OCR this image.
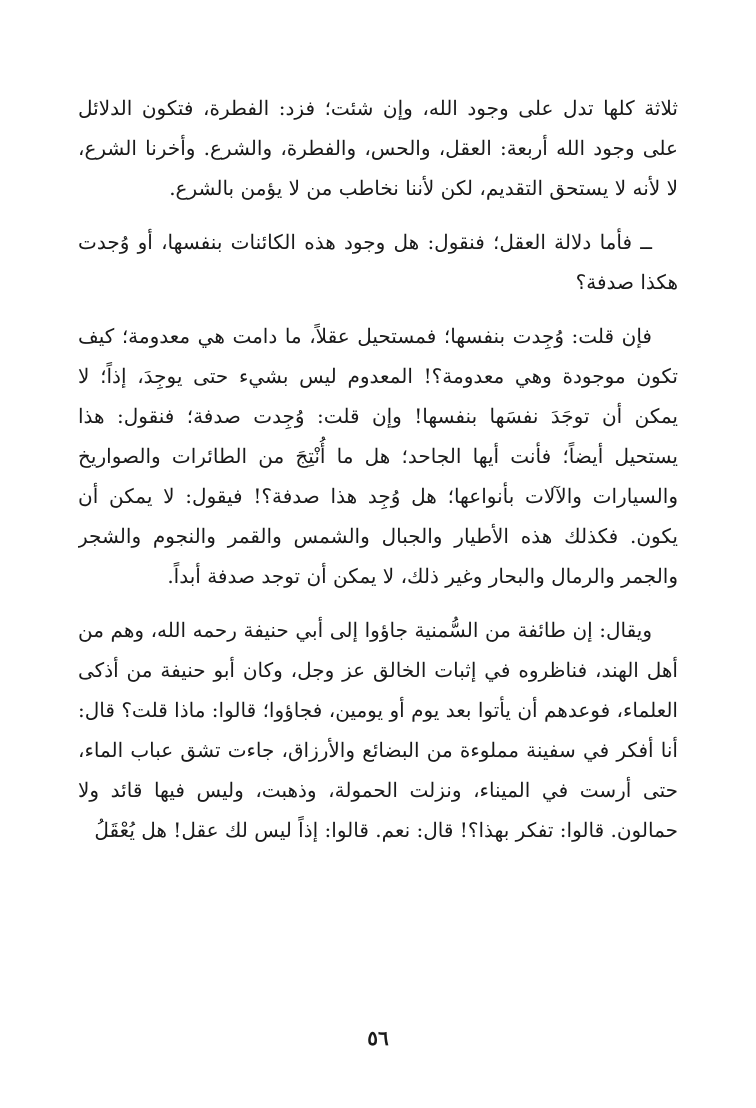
ثلاثة كلها تدل على وجود الله، وإن شئت؛ فزد: الفطرة، فتكون الدلائل على وجود الله أربعة: العقل، والحس، والفطرة، والشرع. وأخرنا الشرع، لا لأنه لا يستحق التقديم، لكن لأننا نخاطب من لا يؤمن بالشرع.

ــ فأما دلالة العقل؛ فنقول: هل وجود هذه الكائنات بنفسها، أو وُجدت هكذا صدفة؟

فإن قلت: وُجِدت بنفسها؛ فمستحيل عقلاً، ما دامت هي معدومة؛ كيف تكون موجودة وهي معدومة؟! المعدوم ليس بشيء حتى يوجِدَ، إذاً؛ لا يمكن أن توجَدَ نفسَها بنفسها! وإن قلت: وُجِدت صدفة؛ فنقول: هذا يستحيل أيضاً؛ فأنت أيها الجاحد؛ هل ما أُنْتِجَ من الطائرات والصواريخ والسيارات والآلات بأنواعها؛ هل وُجِد هذا صدفة؟! فيقول: لا يمكن أن يكون. فكذلك هذه الأطيار والجبال والشمس والقمر والنجوم والشجر والجمر والرمال والبحار وغير ذلك، لا يمكن أن توجد صدفة أبداً.

ويقال: إن طائفة من السُّمنية جاؤوا إلى أبي حنيفة رحمه الله، وهم من أهل الهند، فناظروه في إثبات الخالق عز وجل، وكان أبو حنيفة من أذكى العلماء، فوعدهم أن يأتوا بعد يوم أو يومين، فجاؤوا؛ قالوا: ماذا قلت؟ قال: أنا أفكر في سفينة مملوءة من البضائع والأرزاق، جاءت تشق عباب الماء، حتى أرست في الميناء، ونزلت الحمولة، وذهبت، وليس فيها قائد ولا حمالون. قالوا: تفكر بهذا؟! قال: نعم. قالوا: إذاً ليس لك عقل! هل يُعْقَلُ

٥٦
